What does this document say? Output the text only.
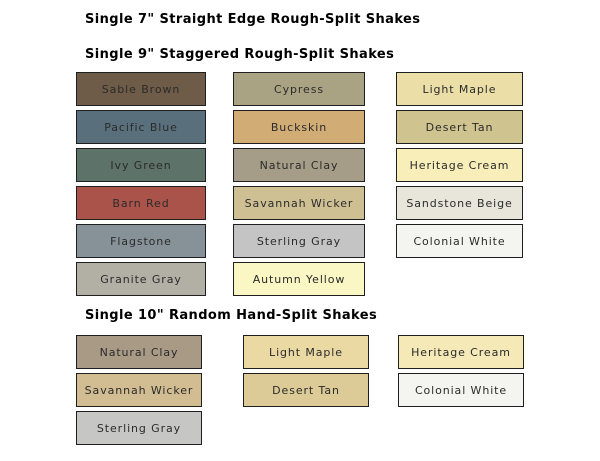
Single 7" Straight Edge Rough-Split Shakes
Single 9" Staggered Rough-Split Shakes
Sable Brown
Pacific Blue
Ivy Green
Barn Red
Flagstone
Granite Gray
Cypress
Buckskin
Natural Clay
Savannah Wicker
Sterling Gray
Autumn Yellow
Light Maple
Desert Tan
Heritage Cream
Sandstone Beige
Colonial White
Single 10" Random Hand-Split Shakes
Natural Clay
Savannah Wicker
Sterling Gray
Light Maple
Desert Tan
Heritage Cream
Colonial White
